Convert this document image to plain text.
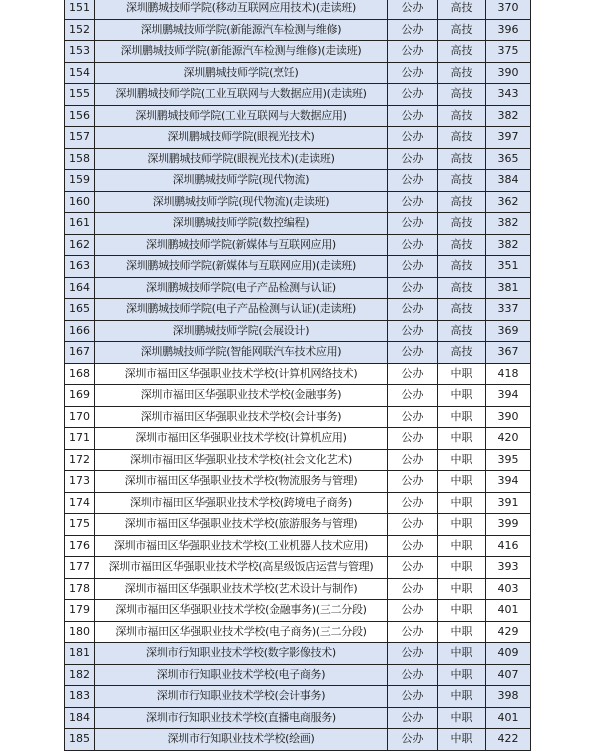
151	深圳鹏城技师学院(移动互联网应用技术)(走读班)	公办	高技	370
152	深圳鹏城技师学院(新能源汽车检测与维修)	公办	高技	396
153	深圳鹏城技师学院(新能源汽车检测与维修)(走读班)	公办	高技	375
154	深圳鹏城技师学院(烹饪)	公办	高技	390
155	深圳鹏城技师学院(工业互联网与大数据应用)(走读班)	公办	高技	343
156	深圳鹏城技师学院(工业互联网与大数据应用)	公办	高技	382
157	深圳鹏城技师学院(眼视光技术)	公办	高技	397
158	深圳鹏城技师学院(眼视光技术)(走读班)	公办	高技	365
159	深圳鹏城技师学院(现代物流)	公办	高技	384
160	深圳鹏城技师学院(现代物流)(走读班)	公办	高技	362
161	深圳鹏城技师学院(数控编程)	公办	高技	382
162	深圳鹏城技师学院(新媒体与互联网应用)	公办	高技	382
163	深圳鹏城技师学院(新媒体与互联网应用)(走读班)	公办	高技	351
164	深圳鹏城技师学院(电子产品检测与认证)	公办	高技	381
165	深圳鹏城技师学院(电子产品检测与认证)(走读班)	公办	高技	337
166	深圳鹏城技师学院(会展设计)	公办	高技	369
167	深圳鹏城技师学院(智能网联汽车技术应用)	公办	高技	367
168	深圳市福田区华强职业技术学校(计算机网络技术)	公办	中职	418
169	深圳市福田区华强职业技术学校(金融事务)	公办	中职	394
170	深圳市福田区华强职业技术学校(会计事务)	公办	中职	390
171	深圳市福田区华强职业技术学校(计算机应用)	公办	中职	420
172	深圳市福田区华强职业技术学校(社会文化艺术)	公办	中职	395
173	深圳市福田区华强职业技术学校(物流服务与管理)	公办	中职	394
174	深圳市福田区华强职业技术学校(跨境电子商务)	公办	中职	391
175	深圳市福田区华强职业技术学校(旅游服务与管理)	公办	中职	399
176	深圳市福田区华强职业技术学校(工业机器人技术应用)	公办	中职	416
177	深圳市福田区华强职业技术学校(高星级饭店运营与管理)	公办	中职	393
178	深圳市福田区华强职业技术学校(艺术设计与制作)	公办	中职	403
179	深圳市福田区华强职业技术学校(金融事务)(三二分段)	公办	中职	401
180	深圳市福田区华强职业技术学校(电子商务)(三二分段)	公办	中职	429
181	深圳市行知职业技术学校(数字影像技术)	公办	中职	409
182	深圳市行知职业技术学校(电子商务)	公办	中职	407
183	深圳市行知职业技术学校(会计事务)	公办	中职	398
184	深圳市行知职业技术学校(直播电商服务)	公办	中职	401
185	深圳市行知职业技术学校(绘画)	公办	中职	422
